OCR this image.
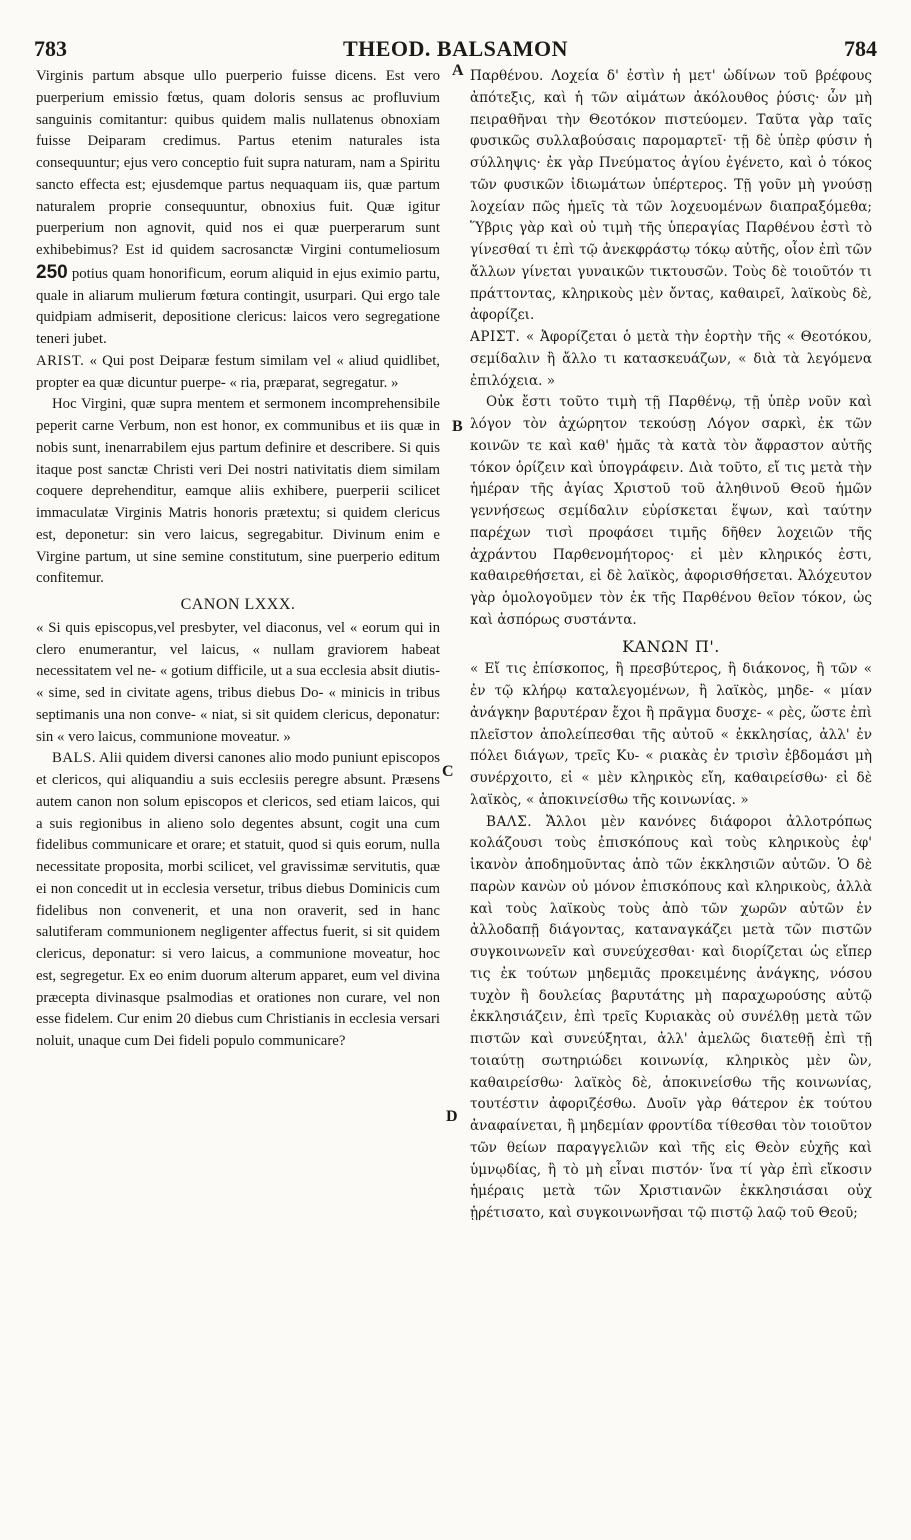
783	THEOD. BALSAMON	784
A
B
C
D

Virginis partum absque ullo puerperio fuisse dicens. Est vero puerperium emissio fœtus, quam doloris sensus ac profluvium sanguinis comitantur: quibus quidem malis nullatenus obnoxiam fuisse Deiparam credimus. Partus etenim naturales ista consequuntur; ejus vero conceptio fuit supra naturam, nam a Spiritu sancto effecta est; ejusdemque partus nequaquam iis, quæ partum naturalem proprie consequuntur, obnoxius fuit. Quæ igitur puerperium non agnovit, quid nos ei quæ puerperarum sunt exhibebimus? Est id quidem sacrosanctæ Virgini contumeliosum 250 potius quam honorificum, eorum aliquid in ejus eximio partu, quale in aliarum mulierum fœtura contingit, usurpari. Qui ergo tale quidpiam admiserit, depositione clericus: laicos vero segregatione teneri jubet.

ARIST. « Qui post Deiparæ festum similam vel « aliud quidlibet, propter ea quæ dicuntur puerpe- « ria, præparat, segregatur. »

Hoc Virgini, quæ supra mentem et sermonem incomprehensibile peperit carne Verbum, non est honor, ex communibus et iis quæ in nobis sunt, inenarrabilem ejus partum definire et describere. Si quis itaque post sanctæ Christi veri Dei nostri nativitatis diem similam coquere deprehenditur, eamque aliis exhibere, puerperii scilicet immaculatæ Virginis Matris honoris prætextu; si quidem clericus est, deponetur: sin vero laicus, segregabitur. Divinum enim e Virgine partum, ut sine semine constitutum, sine puerperio editum confitemur.

CANON LXXX.

« Si quis episcopus,vel presbyter, vel diaconus, vel « eorum qui in clero enumerantur, vel laicus, « nullam graviorem habeat necessitatem vel ne- « gotium difficile, ut a sua ecclesia absit diutis- « sime, sed in civitate agens, tribus diebus Do- « minicis in tribus septimanis una non conve- « niat, si sit quidem clericus, deponatur: sin « vero laicus, communione moveatur. »

BALS. Alii quidem diversi canones alio modo puniunt episcopos et clericos, qui aliquandiu a suis ecclesiis peregre absunt. Præsens autem canon non solum episcopos et clericos, sed etiam laicos, qui a suis regionibus in alieno solo degentes absunt, cogit una cum fidelibus communicare et orare; et statuit, quod si quis eorum, nulla necessitate proposita, morbi scilicet, vel gravissimæ servitutis, quæ ei non concedit ut in ecclesia versetur, tribus diebus Dominicis cum fidelibus non convenerit, et una non oraverit, sed in hanc salutiferam communionem negligenter affectus fuerit, si sit quidem clericus, deponatur: si vero laicus, a communione moveatur, hoc est, segregetur. Ex eo enim duorum alterum apparet, eum vel divina præcepta divinasque psalmodias et orationes non curare, vel non esse fidelem. Cur enim 20 diebus cum Christianis in ecclesia versari noluit, unaque cum Dei fideli populo communicare?

Παρθένου. Λοχεία δ' ἐστὶν ἡ μετ' ὠδίνων τοῦ βρέφους ἀπότεξις, καὶ ἡ τῶν αἱμάτων ἀκόλουθος ῥύσις· ὧν μὴ πειραθῆναι τὴν Θεοτόκον πιστεύομεν. Ταῦτα γὰρ ταῖς φυσικῶς συλλαβούσαις παρομαρτεῖ· τῇ δὲ ὑπὲρ φύσιν ἡ σύλληψις· ἐκ γὰρ Πνεύματος ἁγίου ἐγένετο, καὶ ὁ τόκος τῶν φυσικῶν ἰδιωμάτων ὑπέρτερος. Τῇ γοῦν μὴ γνούσῃ λοχείαν πῶς ἡμεῖς τὰ τῶν λοχευομένων διαπραξόμεθα; Ὕβρις γὰρ καὶ οὐ τιμὴ τῆς ὑπεραγίας Παρθένου ἐστὶ τὸ γίνεσθαί τι ἐπὶ τῷ ἀνεκφράστῳ τόκῳ αὐτῆς, οἷον ἐπὶ τῶν ἄλλων γίνεται γυναικῶν τικτουσῶν. Τοὺς δὲ τοιοῦτόν τι πράττοντας, κληρικοὺς μὲν ὄντας, καθαιρεῖ, λαϊκοὺς δὲ, ἀφορίζει.

ΑΡΙΣΤ. « Ἀφορίζεται ὁ μετὰ τὴν ἑορτὴν τῆς « Θεοτόκου, σεμίδαλιν ἢ ἄλλο τι κατασκευάζων, « διὰ τὰ λεγόμενα ἐπιλόχεια. »

Οὐκ ἔστι τοῦτο τιμὴ τῇ Παρθένῳ, τῇ ὑπὲρ νοῦν καὶ λόγον τὸν ἀχώρητον τεκούσῃ Λόγον σαρκὶ, ἐκ τῶν κοινῶν τε καὶ καθ' ἡμᾶς τὰ κατὰ τὸν ἄφραστον αὐτῆς τόκον ὁρίζειν καὶ ὑπογράφειν. Διὰ τοῦτο, εἴ τις μετὰ τὴν ἡμέραν τῆς ἁγίας Χριστοῦ τοῦ ἀληθινοῦ Θεοῦ ἡμῶν γεννήσεως σεμίδαλιν εὑρίσκεται ἕψων, καὶ ταύτην παρέχων τισὶ προφάσει τιμῆς δῆθεν λοχειῶν τῆς ἀχράντου Παρθενομήτορος· εἰ μὲν κληρικός ἐστι, καθαιρεθήσεται, εἰ δὲ λαϊκὸς, ἀφορισθήσεται. Ἀλόχευτον γὰρ ὁμολογοῦμεν τὸν ἐκ τῆς Παρθένου θεῖον τόκον, ὡς καὶ ἀσπόρως συστάντα.

ΚΑΝΩΝ Π'.

« Εἴ τις ἐπίσκοπος, ἢ πρεσβύτερος, ἢ διάκονος, ἢ τῶν « ἐν τῷ κλήρῳ καταλεγομένων, ἢ λαϊκὸς, μηδε- « μίαν ἀνάγκην βαρυτέραν ἔχοι ἢ πρᾶγμα δυσχε- « ρὲς, ὥστε ἐπὶ πλεῖστον ἀπολείπεσθαι τῆς αὐτοῦ « ἐκκλησίας, ἀλλ' ἐν πόλει διάγων, τρεῖς Κυ- « ριακὰς ἐν τρισὶν ἑβδομάσι μὴ συνέρχοιτο, εἰ « μὲν κληρικὸς εἴη, καθαιρείσθω· εἰ δὲ λαϊκὸς, « ἀποκινείσθω τῆς κοινωνίας. »

ΒΑΛΣ. Ἄλλοι μὲν κανόνες διάφοροι ἀλλοτρόπως κολάζουσι τοὺς ἐπισκόπους καὶ τοὺς κληρικοὺς ἐφ' ἱκανὸν ἀποδημοῦντας ἀπὸ τῶν ἐκκλησιῶν αὐτῶν. Ὁ δὲ παρὼν κανὼν οὐ μόνον ἐπισκόπους καὶ κληρικοὺς, ἀλλὰ καὶ τοὺς λαϊκοὺς τοὺς ἀπὸ τῶν χωρῶν αὐτῶν ἐν ἀλλοδαπῇ διάγοντας, καταναγκάζει μετὰ τῶν πιστῶν συγκοινωνεῖν καὶ συνεύχεσθαι· καὶ διορίζεται ὡς εἴπερ τις ἐκ τούτων μηδεμιᾶς προκειμένης ἀνάγκης, νόσου τυχὸν ἢ δουλείας βαρυτάτης μὴ παραχωρούσης αὐτῷ ἐκκλησιάζειν, ἐπὶ τρεῖς Κυριακὰς οὐ συνέλθῃ μετὰ τῶν πιστῶν καὶ συνεύξηται, ἀλλ' ἀμελῶς διατεθῇ ἐπὶ τῇ τοιαύτῃ σωτηριώδει κοινωνίᾳ, κληρικὸς μὲν ὢν, καθαιρείσθω· λαϊκὸς δὲ, ἀποκινείσθω τῆς κοινωνίας, τουτέστιν ἀφοριζέσθω. Δυοῖν γὰρ θάτερον ἐκ τούτου ἀναφαίνεται, ἢ μηδεμίαν φροντίδα τίθεσθαι τὸν τοιοῦτον τῶν θείων παραγγελιῶν καὶ τῆς εἰς Θεὸν εὐχῆς καὶ ὑμνῳδίας, ἢ τὸ μὴ εἶναι πιστόν· ἵνα τί γὰρ ἐπὶ εἴκοσιν ἡμέραις μετὰ τῶν Χριστιανῶν ἐκκλησιάσαι οὐχ ᾑρέτισατο, καὶ συγκοινωνῆσαι τῷ πιστῷ λαῷ τοῦ Θεοῦ;
